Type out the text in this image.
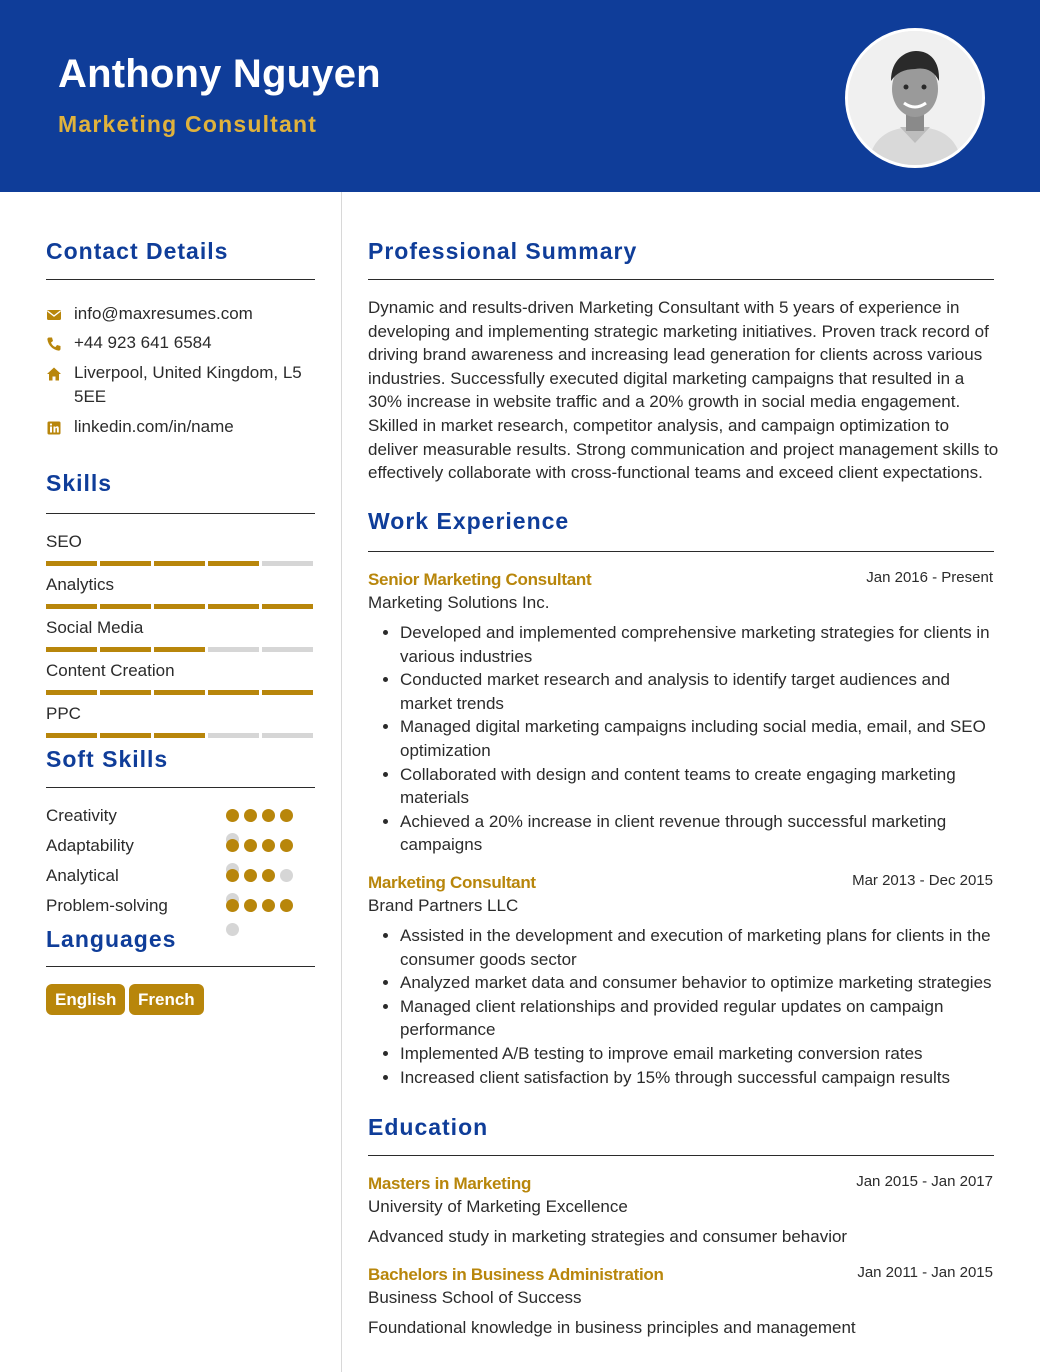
Anthony Nguyen
Marketing Consultant
Contact Details
info@maxresumes.com
+44 923 641 6584
Liverpool, United Kingdom, L5 5EE
linkedin.com/in/name
Skills
SEO
Analytics
Social Media
Content Creation
PPC
Soft Skills
Creativity
Adaptability
Analytical
Problem-solving
Languages
English	French
Professional Summary
Dynamic and results-driven Marketing Consultant with 5 years of experience in developing and implementing strategic marketing initiatives. Proven track record of driving brand awareness and increasing lead generation for clients across various industries. Successfully executed digital marketing campaigns that resulted in a 30% increase in website traffic and a 20% growth in social media engagement. Skilled in market research, competitor analysis, and campaign optimization to deliver measurable results. Strong communication and project management skills to effectively collaborate with cross-functional teams and exceed client expectations.
Work Experience
Senior Marketing Consultant	Jan 2016 - Present
Marketing Solutions Inc.
• Developed and implemented comprehensive marketing strategies for clients in various industries
• Conducted market research and analysis to identify target audiences and market trends
• Managed digital marketing campaigns including social media, email, and SEO optimization
• Collaborated with design and content teams to create engaging marketing materials
• Achieved a 20% increase in client revenue through successful marketing campaigns
Marketing Consultant	Mar 2013 - Dec 2015
Brand Partners LLC
• Assisted in the development and execution of marketing plans for clients in the consumer goods sector
• Analyzed market data and consumer behavior to optimize marketing strategies
• Managed client relationships and provided regular updates on campaign performance
• Implemented A/B testing to improve email marketing conversion rates
• Increased client satisfaction by 15% through successful campaign results
Education
Masters in Marketing	Jan 2015 - Jan 2017
University of Marketing Excellence
Advanced study in marketing strategies and consumer behavior
Bachelors in Business Administration	Jan 2011 - Jan 2015
Business School of Success
Foundational knowledge in business principles and management
